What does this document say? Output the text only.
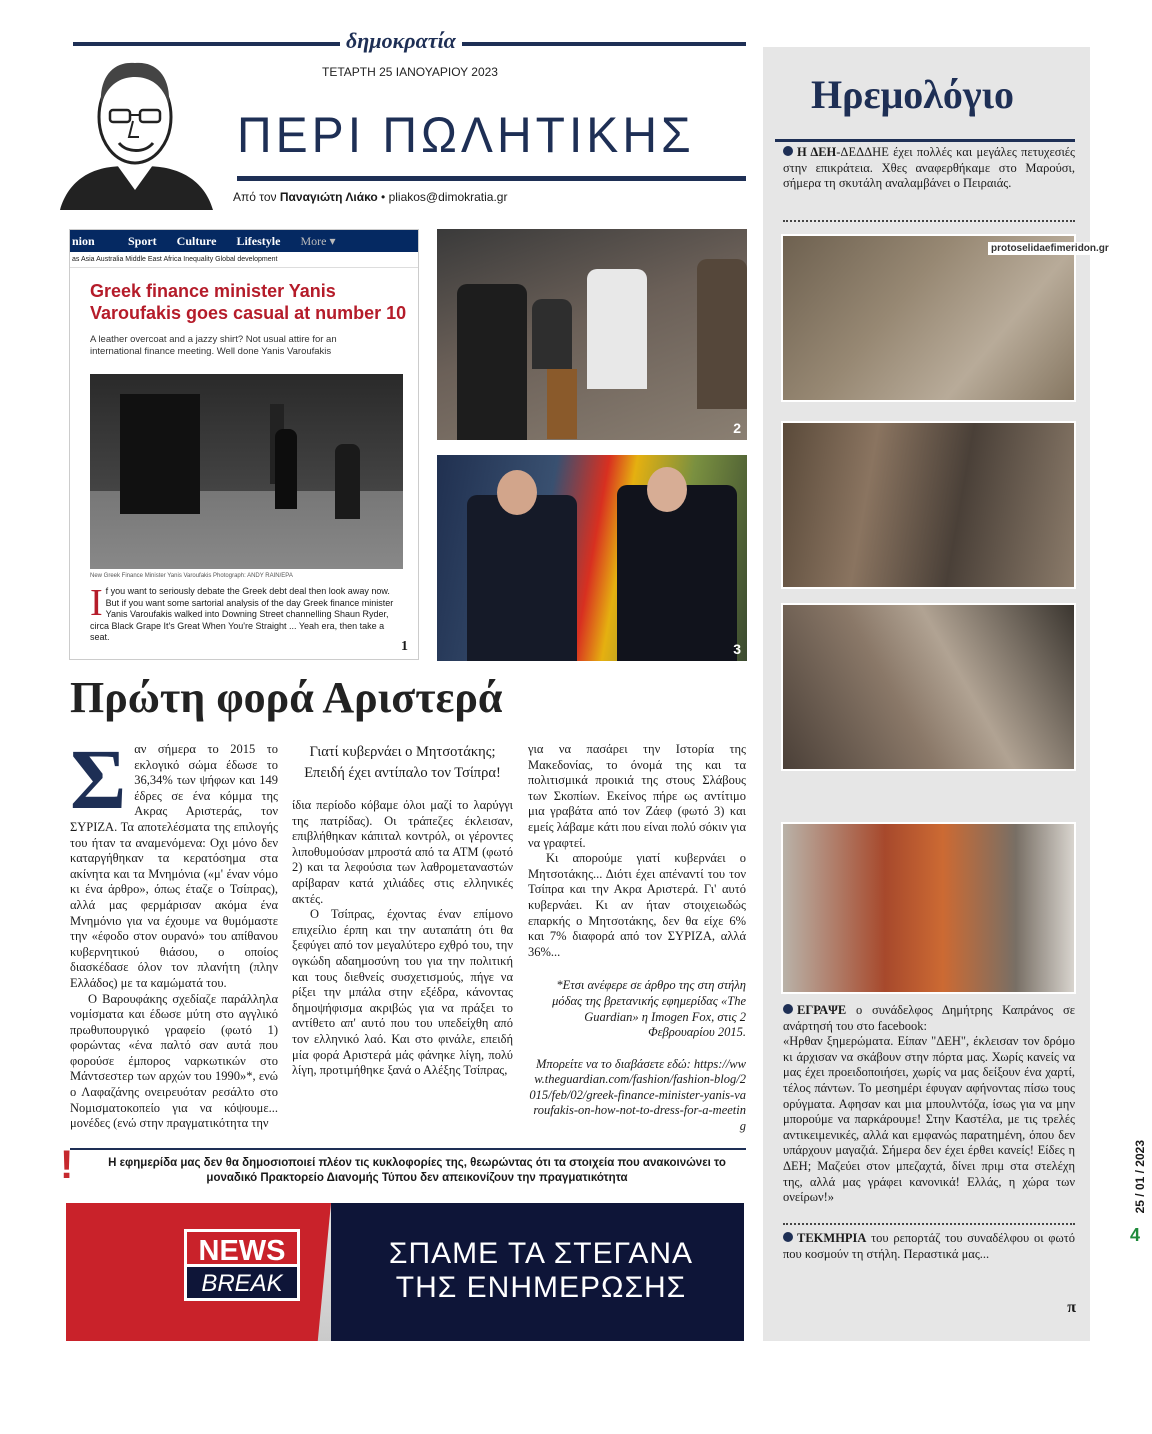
δημοκρατία
ΤΕΤΑΡΤΗ 25 ΙΑΝΟΥΑΡΙΟΥ 2023
ΠΕΡΙ ΠΩΛΗΤΙΚΗΣ
Από τον Παναγιώτη Λιάκο • pliakos@dimokratia.gr
nion	Sport	Culture	Lifestyle	More ▾
as Asia Australia Middle East Africa Inequality Global development
Greek finance minister Yanis Varoufakis goes casual at number 10
A leather overcoat and a jazzy shirt? Not usual attire for an international finance meeting. Well done Yanis Varoufakis
New Greek Finance Minister Yanis Varoufakis Photograph: ANDY RAIN/EPA
If you want to seriously debate the Greek debt deal then look away now. But if you want some sartorial analysis of the day Greek finance minister Yanis Varoufakis walked into Downing Street channelling Shaun Ryder, circa Black Grape It's Great When You're Straight ... Yeah era, then take a seat.
1
2
3
Πρώτη φορά Αριστερά

Σαν σήμερα το 2015 το εκλογικό σώμα έδωσε το 36,34% των ψήφων και 149 έδρες σε ένα κόμμα της Ακρας Αριστεράς, τον ΣΥΡΙΖΑ. Τα αποτελέσματα της επιλογής του ήταν τα αναμενόμενα: Οχι μόνο δεν καταργήθηκαν τα κερατόσημα στα ακίνητα και τα Μνημόνια («μ' έναν νόμο κι ένα άρθρο», όπως έταζε ο Τσίπρας), αλλά μας φερμάρισαν ακόμα ένα Μνημόνιο για να έχουμε να θυμόμαστε την «έφοδο στον ουρανό» του απίθανου κυβερνητικού θιάσου, ο οποίος διασκέδασε όλον τον πλανήτη (πλην Ελλάδος) με τα καμώματά του.

Ο Βαρουφάκης σχεδίαζε παράλληλα νομίσματα και έδωσε μύτη στο αγγλικό πρωθυπουργικό γραφείο (φωτό 1) φορώντας «ένα παλτό σαν αυτά που φορούσε έμπορος ναρκωτικών στο Μάντσεστερ των αρχών του 1990»*, ενώ ο Λαφαζάνης ονειρευόταν ρεσάλτο στο Νομισματοκοπείο για να κόψουμε... μονέδες (ενώ στην πραγματικότητα την

Γιατί κυβερνάει ο Μητσοτάκης; Επειδή έχει αντίπαλο τον Τσίπρα!

ίδια περίοδο κόβαμε όλοι μαζί το λαρύγγι της πατρίδας). Οι τράπεζες έκλεισαν, επιβλήθηκαν κάπιταλ κοντρόλ, οι γέροντες λιποθυμούσαν μπροστά από τα ΑΤΜ (φωτό 2) και τα λεφούσια των λαθρομεταναστών αρίβαραν κατά χιλιάδες στις ελληνικές ακτές.

Ο Τσίπρας, έχοντας έναν επίμονο επιχείλιο έρπη και την αυταπάτη ότι θα ξεφύγει από τον μεγαλύτερο εχθρό του, την ογκώδη αδαημοσύνη του για την πολιτική και τους διεθνείς συσχετισμούς, πήγε να ρίξει την μπάλα στην εξέδρα, κάνοντας δημοψήφισμα ακριβώς για να πράξει το αντίθετο απ' αυτό που του υπεδείχθη από τον ελληνικό λαό. Και στο φινάλε, επειδή μία φορά Αριστερά μάς φάνηκε λίγη, πολύ λίγη, προτιμήθηκε ξανά ο Αλέξης Τσίπρας,

για να πασάρει την Ιστορία της Μακεδονίας, το όνομά της και τα πολιτισμικά προικιά της στους Σλάβους των Σκοπίων. Εκείνος πήρε ως αντίτιμο μια γραβάτα από τον Ζάεφ (φωτό 3) και εμείς λάβαμε κάτι που είναι πολύ σόκιν για να γραφτεί.

Κι απορούμε γιατί κυβερνάει ο Μητσοτάκης... Διότι έχει απέναντί του τον Τσίπρα και την Ακρα Αριστερά. Γι' αυτό κυβερνάει. Κι αν ήταν στοιχειωδώς επαρκής ο Μητσοτάκης, δεν θα είχε 6% και 7% διαφορά από τον ΣΥΡΙΖΑ, αλλά 36%...

*Ετσι ανέφερε σε άρθρο της στη στήλη μόδας της βρετανικής εφημερίδας «The Guardian» η Imogen Fox, στις 2 Φεβρουαρίου 2015.

Μπορείτε να το διαβάσετε εδώ: https://www.theguardian.com/fashion/fashion-blog/2015/feb/02/greek-finance-minister-yanis-varoufakis-on-how-not-to-dress-for-a-meeting

!	Η εφημερίδα μας δεν θα δημοσιοποιεί πλέον τις κυκλοφορίες της, θεωρώντας ότι τα στοιχεία που ανακοινώνει το μοναδικό Πρακτορείο Διανομής Τύπου δεν απεικονίζουν την πραγματικότητα
NEWS
BREAK
ΣΠΑΜΕ ΤΑ ΣΤΕΓΑΝΑ ΤΗΣ ΕΝΗΜΕΡΩΣΗΣ
Ηρεμολόγιο
Η ΔΕΗ-ΔΕΔΔΗΕ έχει πολλές και μεγάλες πετυχεσιές στην επικράτεια. Χθες αναφερθήκαμε στο Μαρούσι, σήμερα τη σκυτάλη αναλαμβάνει ο Πειραιάς.
protoselidaefimeridon.gr

ΕΓΡΑΨΕ ο συνάδελφος Δημήτρης Καπράνος σε ανάρτησή του στο facebook:

«Ηρθαν ξημερώματα. Είπαν "ΔΕΗ", έκλεισαν τον δρόμο κι άρχισαν να σκάβουν στην πόρτα μας. Χωρίς κανείς να μας έχει προειδοποιήσει, χωρίς να μας δείξουν ένα χαρτί, τέλος πάντων. Το μεσημέρι έφυγαν αφήνοντας πίσω τους ορύγματα. Αφησαν και μια μπουλντόζα, ίσως για να μην μπορούμε να παρκάρουμε! Στην Καστέλα, με τις τρελές αντικειμενικές, αλλά και εμφανώς παρατημένη, όπου δεν υπάρχουν μαγαζιά. Σήμερα δεν έχει έρθει κανείς! Είδες η ΔΕΗ; Μαζεύει στον μπεζαχτά, δίνει πριμ στα στελέχη της, αλλά μας γράφει κανονικά! Ελλάς, η χώρα των ονείρων!»

ΤΕΚΜΗΡΙΑ του ρεπορτάζ του συναδέλφου οι φωτό που κοσμούν τη στήλη. Περαστικά μας...
π
25 / 01 / 2023
4
